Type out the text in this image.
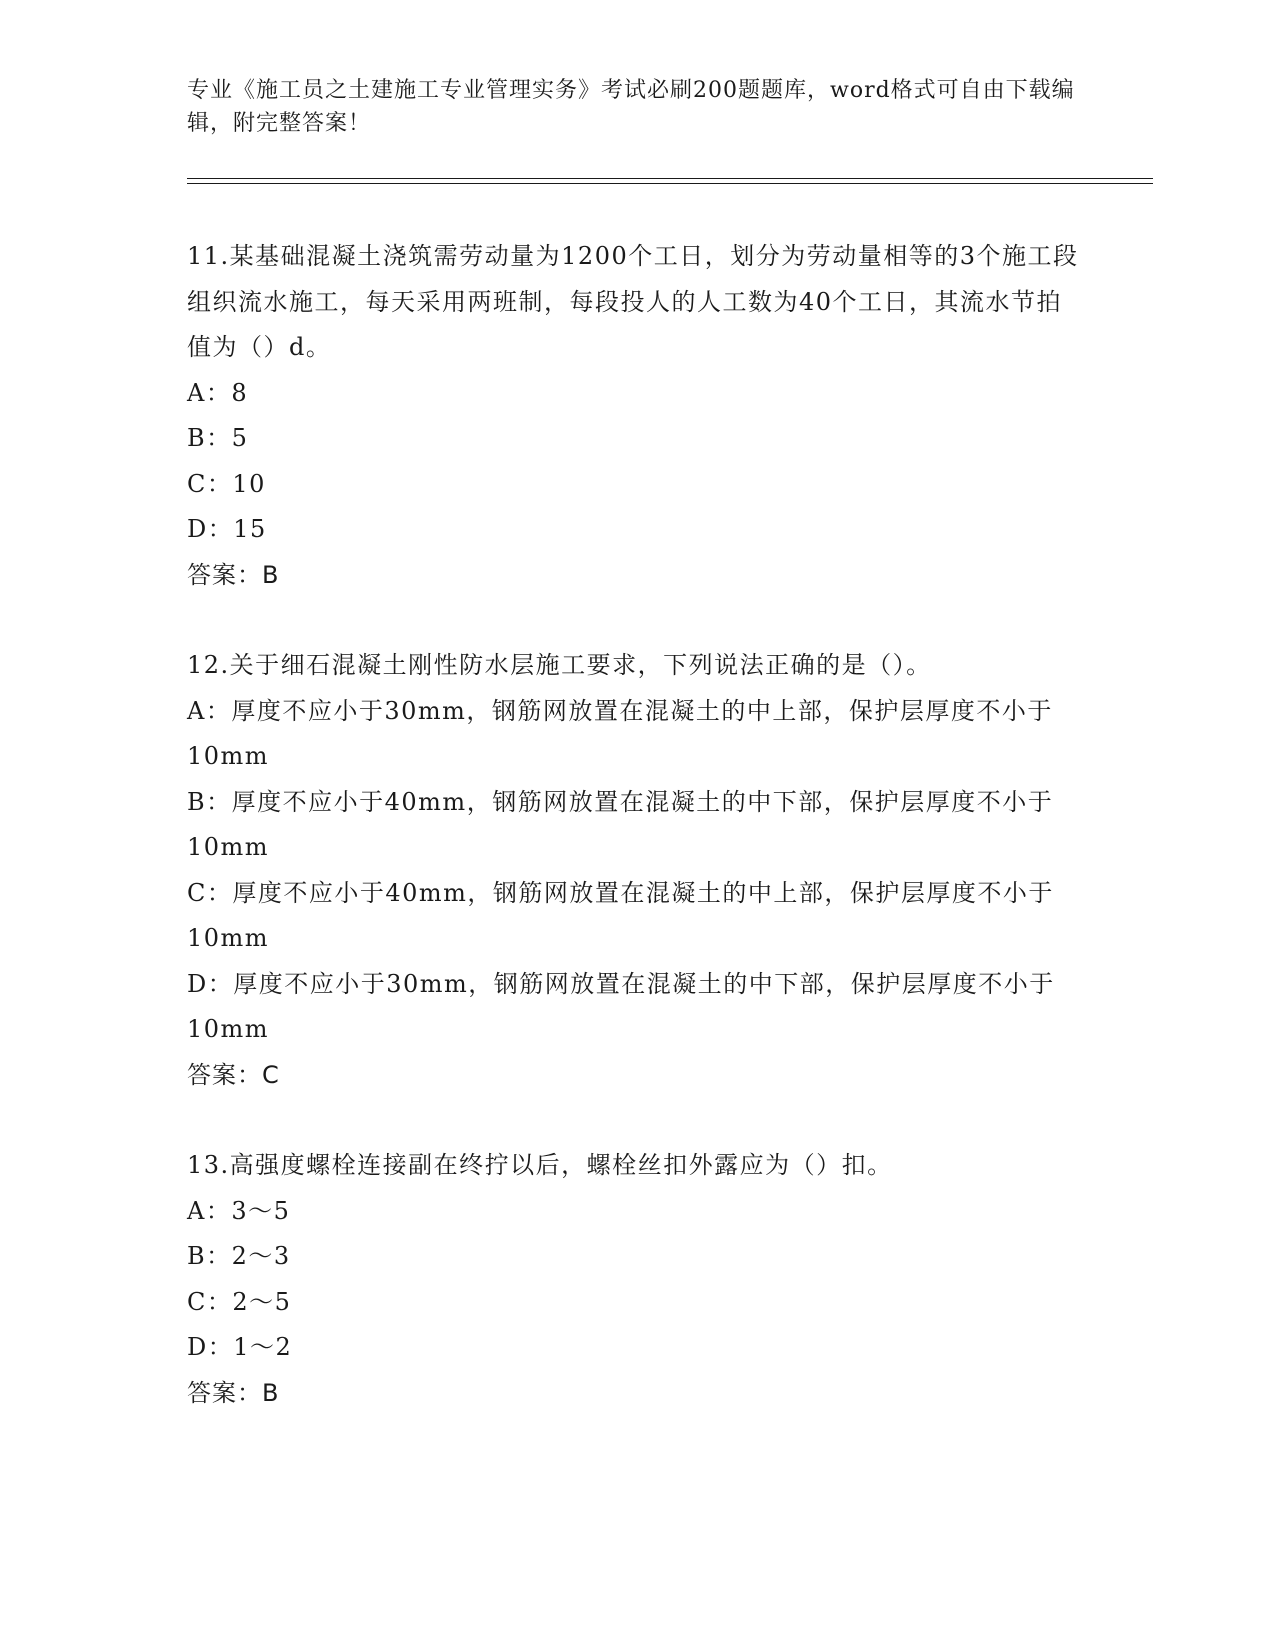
专业《施工员之土建施工专业管理实务》考试必刷200题题库，word格式可自由下载编辑，附完整答案！

11.某基础混凝土浇筑需劳动量为1200个工日，划分为劳动量相等的3个施工段组织流水施工，每天采用两班制，每段投人的人工数为40个工日，其流水节拍值为（）d。

A：8

B：5

C：10

D：15

答案：B

12.关于细石混凝土刚性防水层施工要求，下列说法正确的是（）。

A：厚度不应小于30mm，钢筋网放置在混凝土的中上部，保护层厚度不小于10mm

B：厚度不应小于40mm，钢筋网放置在混凝土的中下部，保护层厚度不小于10mm

C：厚度不应小于40mm，钢筋网放置在混凝土的中上部，保护层厚度不小于10mm

D：厚度不应小于30mm，钢筋网放置在混凝土的中下部，保护层厚度不小于10mm

答案：C

13.高强度螺栓连接副在终拧以后，螺栓丝扣外露应为（）扣。

A：3～5

B：2～3

C：2～5

D：1～2

答案：B
